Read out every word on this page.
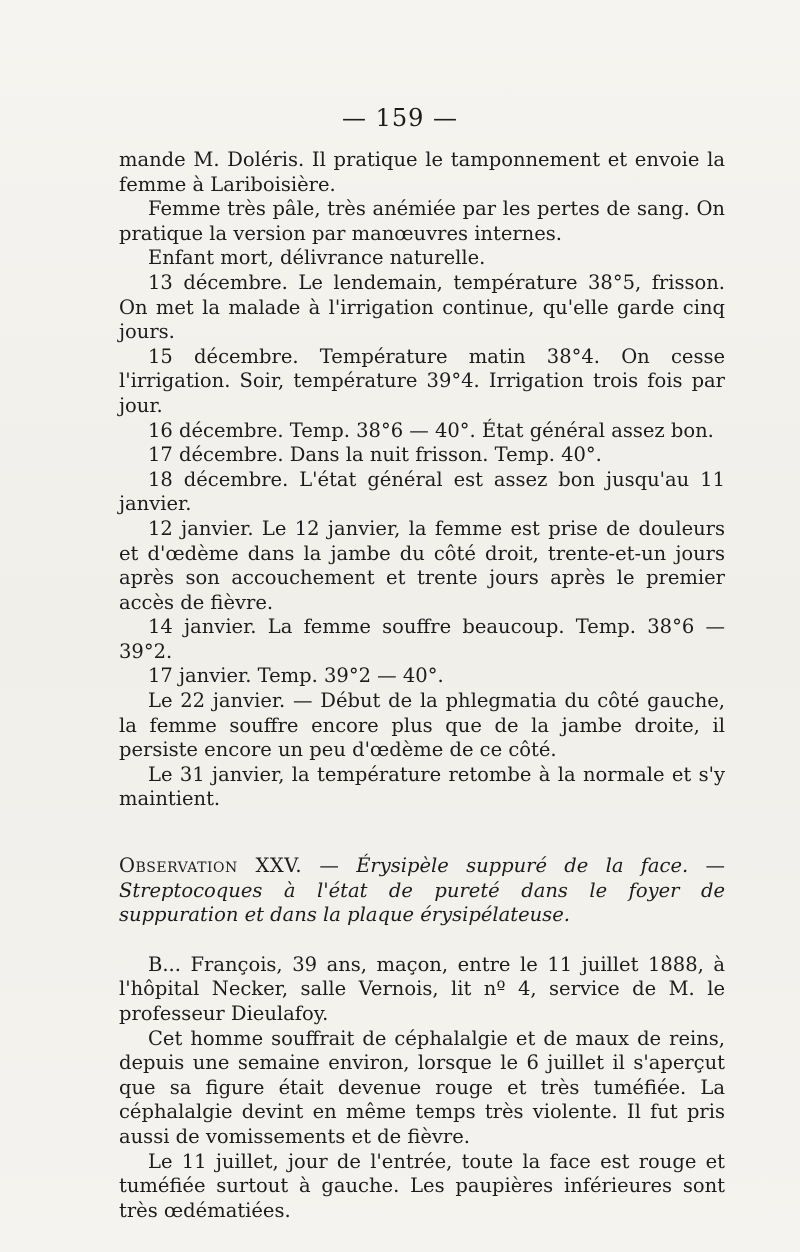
— 159 —

mande M. Doléris. Il pratique le tamponnement et envoie la femme à Lariboisière.

Femme très pâle, très anémiée par les pertes de sang. On pratique la version par manœuvres internes.

Enfant mort, délivrance naturelle.

13 décembre. Le lendemain, température 38°5, frisson. On met la malade à l'irrigation continue, qu'elle garde cinq jours.

15 décembre. Température matin 38°4. On cesse l'irrigation. Soir, température 39°4. Irrigation trois fois par jour.

16 décembre. Temp. 38°6 — 40°. État général assez bon.

17 décembre. Dans la nuit frisson. Temp. 40°.

18 décembre. L'état général est assez bon jusqu'au 11 janvier.

12 janvier. Le 12 janvier, la femme est prise de douleurs et d'œdème dans la jambe du côté droit, trente-et-un jours après son accouchement et trente jours après le premier accès de fièvre.

14 janvier. La femme souffre beaucoup. Temp. 38°6 — 39°2.

17 janvier. Temp. 39°2 — 40°.

Le 22 janvier. — Début de la phlegmatia du côté gauche, la femme souffre encore plus que de la jambe droite, il persiste encore un peu d'œdème de ce côté.

Le 31 janvier, la température retombe à la normale et s'y maintient.

Observation XXV. — Érysipèle suppuré de la face. — Streptocoques à l'état de pureté dans le foyer de suppuration et dans la plaque érysipélateuse.

B... François, 39 ans, maçon, entre le 11 juillet 1888, à l'hôpital Necker, salle Vernois, lit nº 4, service de M. le professeur Dieulafoy.

Cet homme souffrait de céphalalgie et de maux de reins, depuis une semaine environ, lorsque le 6 juillet il s'aperçut que sa figure était devenue rouge et très tuméfiée. La céphalalgie devint en même temps très violente. Il fut pris aussi de vomissements et de fièvre.

Le 11 juillet, jour de l'entrée, toute la face est rouge et tuméfiée surtout à gauche. Les paupières inférieures sont très œdématiées.
